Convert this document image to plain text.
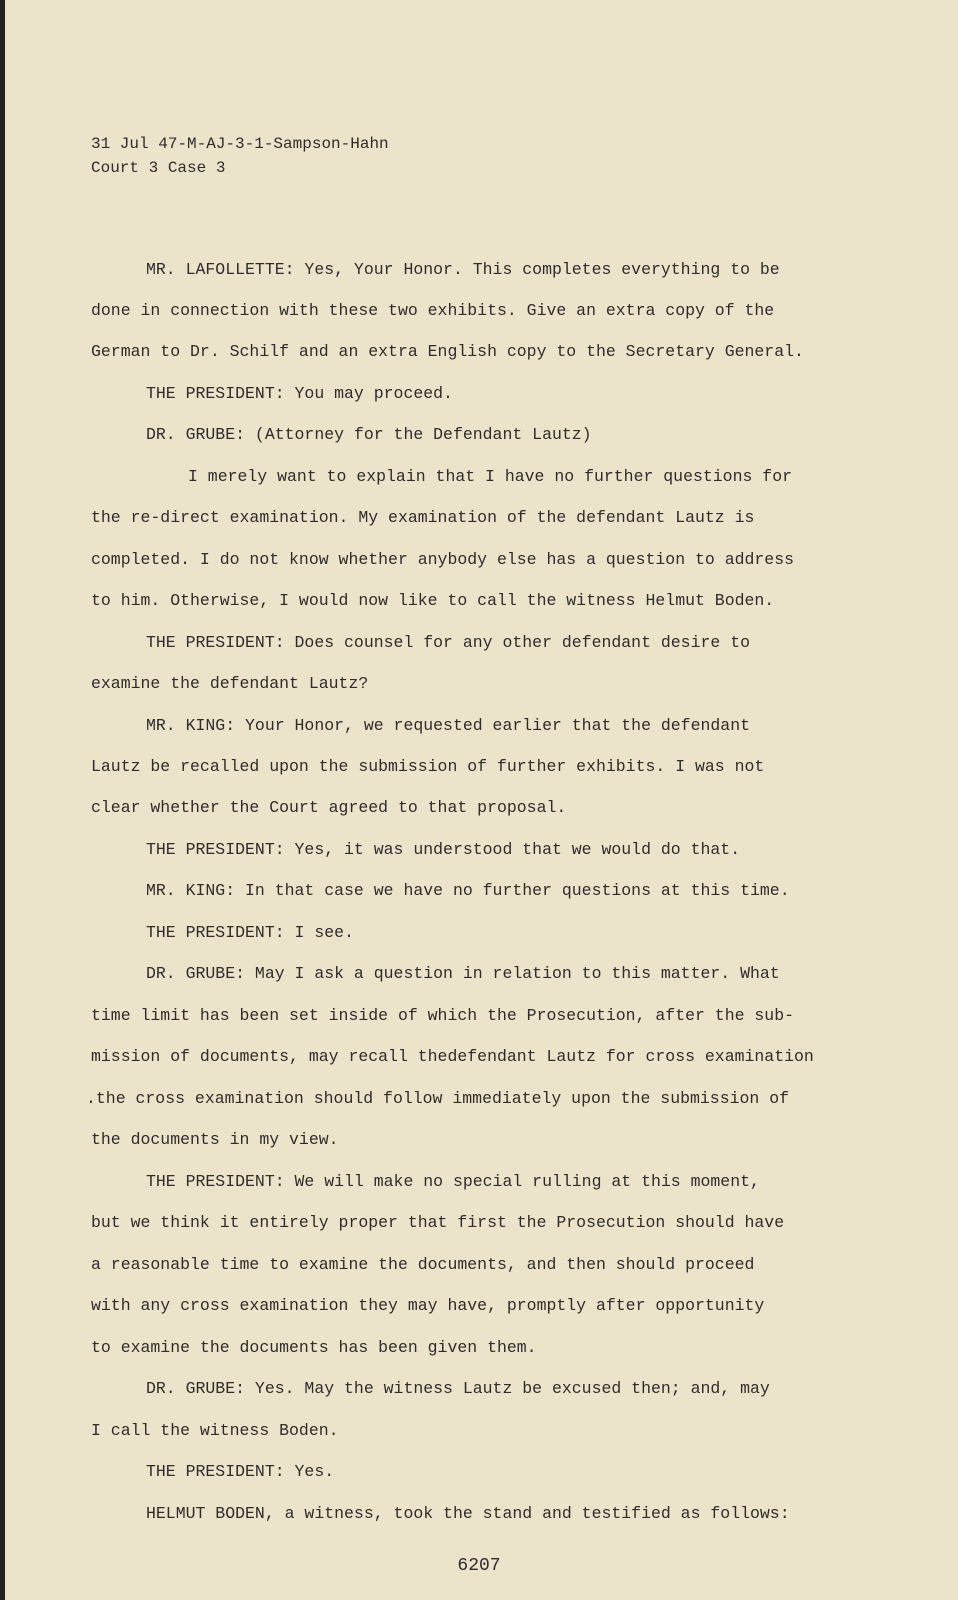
31 Jul 47-M-AJ-3-1-Sampson-Hahn
Court 3 Case 3
MR. LAFOLLETTE: Yes, Your Honor. This completes everything to be
done in connection with these two exhibits. Give an extra copy of the
German to Dr. Schilf and an extra English copy to the Secretary General.
THE PRESIDENT: You may proceed.
DR. GRUBE: (Attorney for the Defendant Lautz)
I merely want to explain that I have no further questions for
the re-direct examination. My examination of the defendant Lautz is
completed. I do not know whether anybody else has a question to address
to him. Otherwise, I would now like to call the witness Helmut Boden.
THE PRESIDENT: Does counsel for any other defendant desire to
examine the defendant Lautz?
MR. KING: Your Honor, we requested earlier that the defendant
Lautz be recalled upon the submission of further exhibits. I was not
clear whether the Court agreed to that proposal.
THE PRESIDENT: Yes, it was understood that we would do that.
MR. KING: In that case we have no further questions at this time.
THE PRESIDENT: I see.
DR. GRUBE: May I ask a question in relation to this matter. What
time limit has been set inside of which the Prosecution, after the sub-
mission of documents, may recall thedefendant Lautz for cross examination
.the cross examination should follow immediately upon the submission of
the documents in my view.
THE PRESIDENT: We will make no special rulling at this moment,
but we think it entirely proper that first the Prosecution should have
a reasonable time to examine the documents, and then should proceed
with any cross examination they may have, promptly after opportunity
to examine the documents has been given them.
DR. GRUBE: Yes. May the witness Lautz be excused then; and, may
I call the witness Boden.
THE PRESIDENT: Yes.
HELMUT BODEN, a witness, took the stand and testified as follows:
6207
